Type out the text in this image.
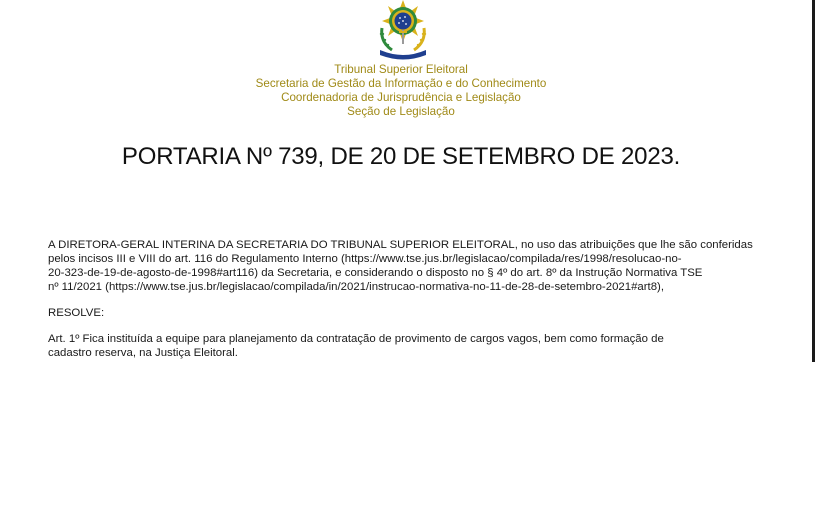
Tribunal Superior Eleitoral
Secretaria de Gestão da Informação e do Conhecimento
Coordenadoria de Jurisprudência e Legislação
Seção de Legislação
PORTARIA Nº 739, DE 20 DE SETEMBRO DE 2023.
A DIRETORA-GERAL INTERINA DA SECRETARIA DO TRIBUNAL SUPERIOR ELEITORAL, no uso das atribuições que lhe são conferidas
pelos incisos III e VIII do art. 116 do Regulamento Interno (https://www.tse.jus.br/legislacao/compilada/res/1998/resolucao-no-
20-323-de-19-de-agosto-de-1998#art116) da Secretaria, e considerando o disposto no § 4º do art. 8º da Instrução Normativa TSE
nº 11/2021 (https://www.tse.jus.br/legislacao/compilada/in/2021/instrucao-normativa-no-11-de-28-de-setembro-2021#art8),
RESOLVE:
Art. 1º Fica instituída a equipe para planejamento da contratação de provimento de cargos vagos, bem como formação de
cadastro reserva, na Justiça Eleitoral.
